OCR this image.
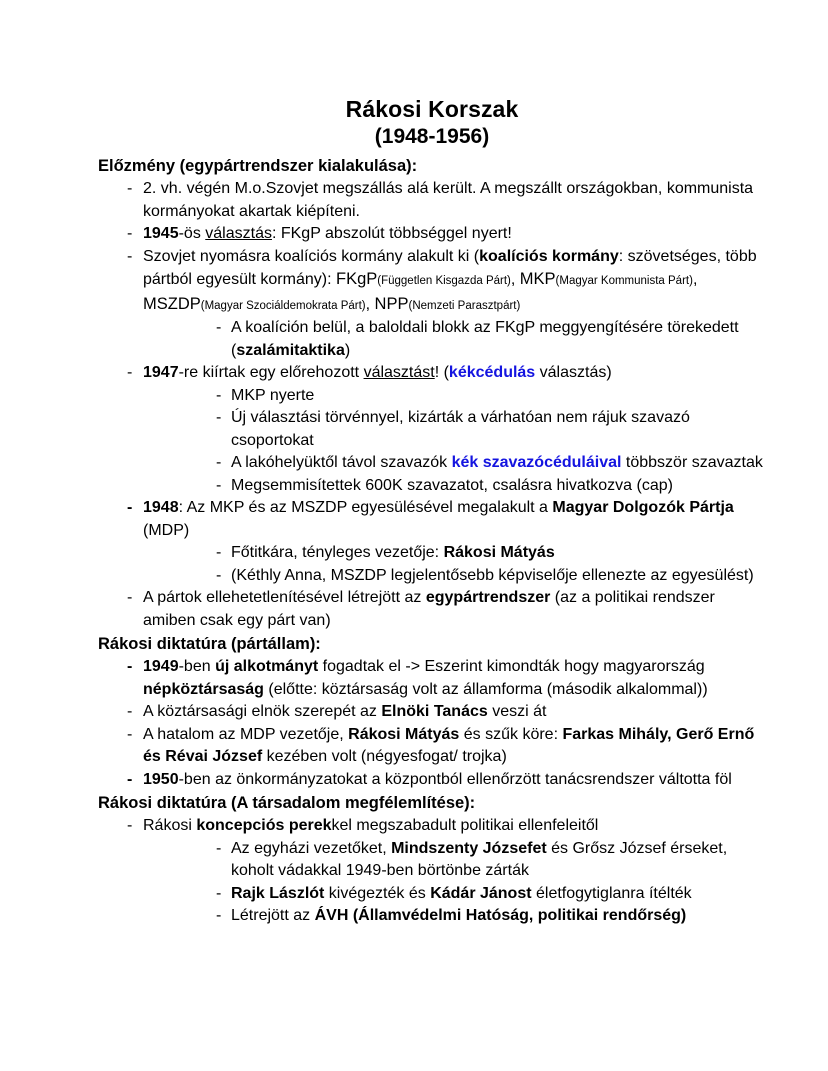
Rákosi Korszak
(1948-1956)
Előzmény (egypártrendszer kialakulása):
- 2. vh. végén M.o.Szovjet megszállás alá került. A megszállt országokban, kommunista kormányokat akartak kiépíteni.
- 1945-ös választás: FKgP abszolút többséggel nyert!
- Szovjet nyomásra koalíciós kormány alakult ki (koalíciós kormány: szövetséges, több pártból egyesült kormány): FKgP(Független Kisgazda Párt), MKP(Magyar Kommunista Párt), MSZDP(Magyar Szociáldemokrata Párt), NPP(Nemzeti Parasztpárt)
- A koalíción belül, a baloldali blokk az FKgP meggyengítésére törekedett (szalámitaktika)
- 1947-re kiírtak egy előrehozott választást! (kékcédulás választás)
- MKP nyerte
- Új választási törvénnyel, kizárták a várhatóan nem rájuk szavazó csoportokat
- A lakóhelyüktől távol szavazók kék szavazócéduláival többször szavaztak
- Megsemmisítettek 600K szavazatot, csalásra hivatkozva (cap)
- 1948: Az MKP és az MSZDP egyesülésével megalakult a Magyar Dolgozók Pártja (MDP)
- Főtitkára, tényleges vezetője: Rákosi Mátyás
- (Kéthly Anna, MSZDP legjelentősebb képviselője ellenezte az egyesülést)
- A pártok ellehetetlenítésével létrejött az egypártrendszer (az a politikai rendszer amiben csak egy párt van)
Rákosi diktatúra (pártállam):
- 1949-ben új alkotmányt fogadtak el -> Eszerint kimondták hogy magyarország népköztársaság (előtte: köztársaság volt az államforma (második alkalommal))
- A köztársasági elnök szerepét az Elnöki Tanács veszi át
- A hatalom az MDP vezetője, Rákosi Mátyás és szűk köre: Farkas Mihály, Gerő Ernő és Révai József kezében volt (négyesfogat/ trojka)
- 1950-ben az önkormányzatokat a központból ellenőrzött tanácsrendszer váltotta föl
Rákosi diktatúra (A társadalom megfélemlítése):
- Rákosi koncepciós perekkel megszabadult politikai ellenfeleitől
- Az egyházi vezetőket, Mindszenty Józsefet és Grősz József érseket, koholt vádakkal 1949-ben börtönbe zárták
- Rajk Lászlót kivégezték és Kádár Jánost életfogytiglanra ítélték
- Létrejött az ÁVH (Államvédelmi Hatóság, politikai rendőrség)
